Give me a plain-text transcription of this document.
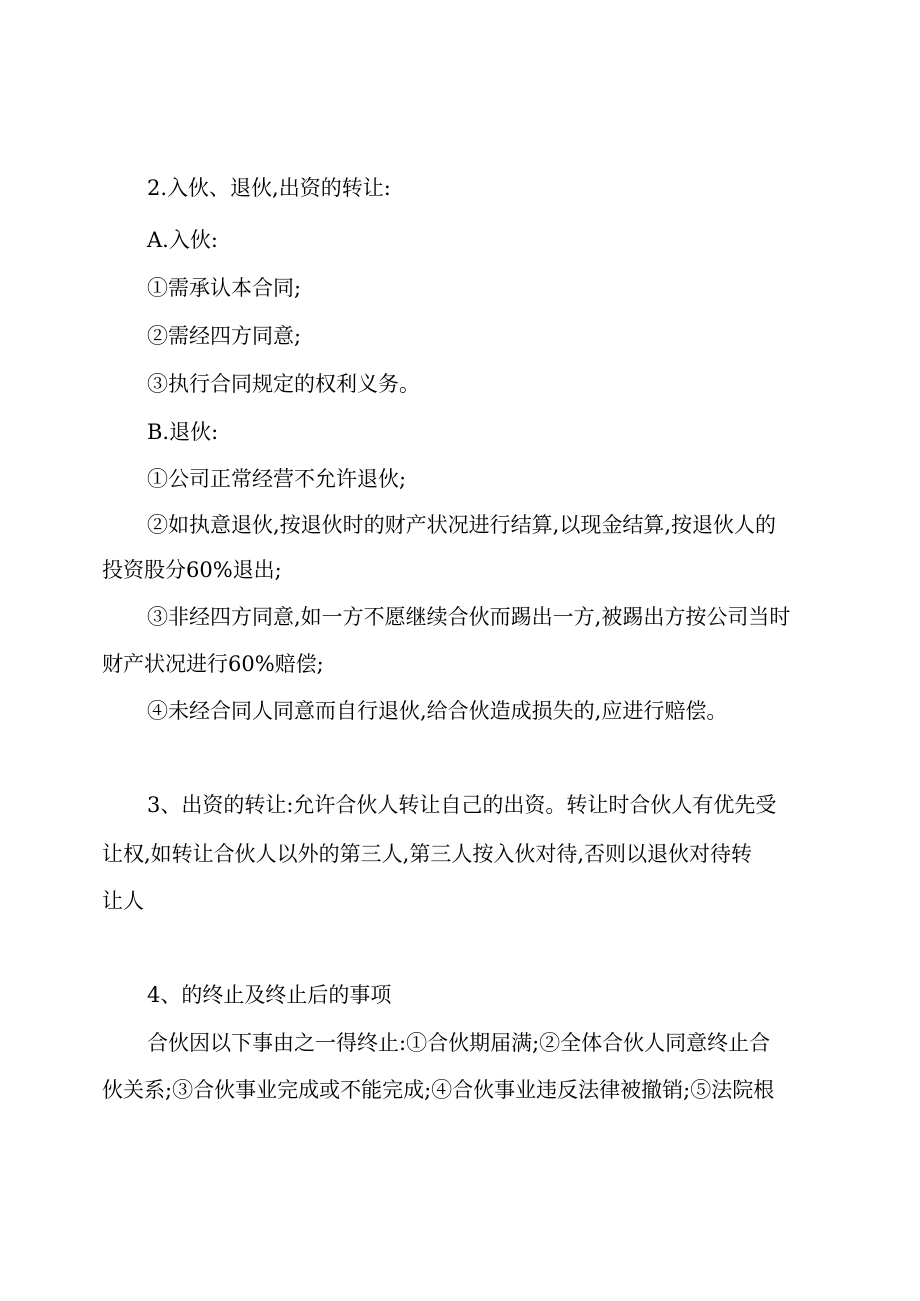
2.入伙、退伙,出资的转让:
A.入伙:
①需承认本合同;
②需经四方同意;
③执行合同规定的权利义务。
B.退伙:
①公司正常经营不允许退伙;
②如执意退伙,按退伙时的财产状况进行结算,以现金结算,按退伙人的
投资股分60%退出;
③非经四方同意,如一方不愿继续合伙而踢出一方,被踢出方按公司当时
财产状况进行60%赔偿;
④未经合同人同意而自行退伙,给合伙造成损失的,应进行赔偿。
3、出资的转让:允许合伙人转让自己的出资。转让时合伙人有优先受
让权,如转让合伙人以外的第三人,第三人按入伙对待,否则以退伙对待转
让人
4、的终止及终止后的事项
合伙因以下事由之一得终止:①合伙期届满;②全体合伙人同意终止合
伙关系;③合伙事业完成或不能完成;④合伙事业违反法律被撤销;⑤法院根
